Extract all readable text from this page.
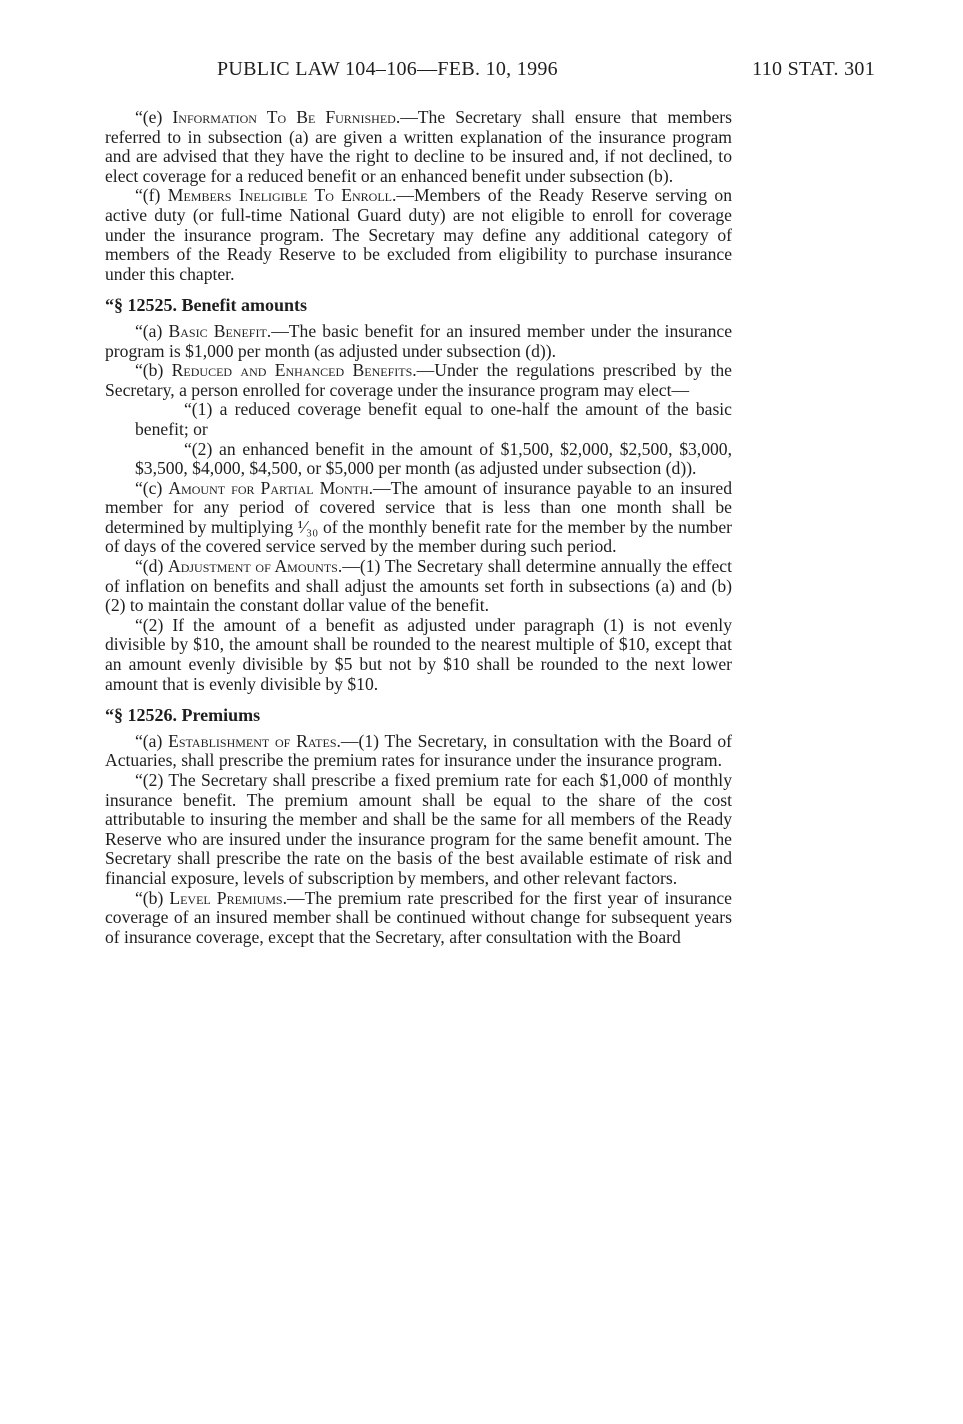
PUBLIC LAW 104–106—FEB. 10, 1996	110 STAT. 301

“(e) Information To Be Furnished.—The Secretary shall ensure that members referred to in subsection (a) are given a written explanation of the insurance program and are advised that they have the right to decline to be insured and, if not declined, to elect coverage for a reduced benefit or an enhanced benefit under subsection (b).

“(f) Members Ineligible To Enroll.—Members of the Ready Reserve serving on active duty (or full-time National Guard duty) are not eligible to enroll for coverage under the insurance program. The Secretary may define any additional category of members of the Ready Reserve to be excluded from eligibility to purchase insurance under this chapter.

“§ 12525. Benefit amounts

“(a) Basic Benefit.—The basic benefit for an insured member under the insurance program is $1,000 per month (as adjusted under subsection (d)).

“(b) Reduced and Enhanced Benefits.—Under the regulations prescribed by the Secretary, a person enrolled for coverage under the insurance program may elect—

“(1) a reduced coverage benefit equal to one-half the amount of the basic benefit; or

“(2) an enhanced benefit in the amount of $1,500, $2,000, $2,500, $3,000, $3,500, $4,000, $4,500, or $5,000 per month (as adjusted under subsection (d)).

“(c) Amount for Partial Month.—The amount of insurance payable to an insured member for any period of covered service that is less than one month shall be determined by multiplying ¹⁄₃₀ of the monthly benefit rate for the member by the number of days of the covered service served by the member during such period.

“(d) Adjustment of Amounts.—(1) The Secretary shall determine annually the effect of inflation on benefits and shall adjust the amounts set forth in subsections (a) and (b)(2) to maintain the constant dollar value of the benefit.

“(2) If the amount of a benefit as adjusted under paragraph (1) is not evenly divisible by $10, the amount shall be rounded to the nearest multiple of $10, except that an amount evenly divisible by $5 but not by $10 shall be rounded to the next lower amount that is evenly divisible by $10.

“§ 12526. Premiums

“(a) Establishment of Rates.—(1) The Secretary, in consultation with the Board of Actuaries, shall prescribe the premium rates for insurance under the insurance program.

“(2) The Secretary shall prescribe a fixed premium rate for each $1,000 of monthly insurance benefit. The premium amount shall be equal to the share of the cost attributable to insuring the member and shall be the same for all members of the Ready Reserve who are insured under the insurance program for the same benefit amount. The Secretary shall prescribe the rate on the basis of the best available estimate of risk and financial exposure, levels of subscription by members, and other relevant factors.

“(b) Level Premiums.—The premium rate prescribed for the first year of insurance coverage of an insured member shall be continued without change for subsequent years of insurance coverage, except that the Secretary, after consultation with the Board
